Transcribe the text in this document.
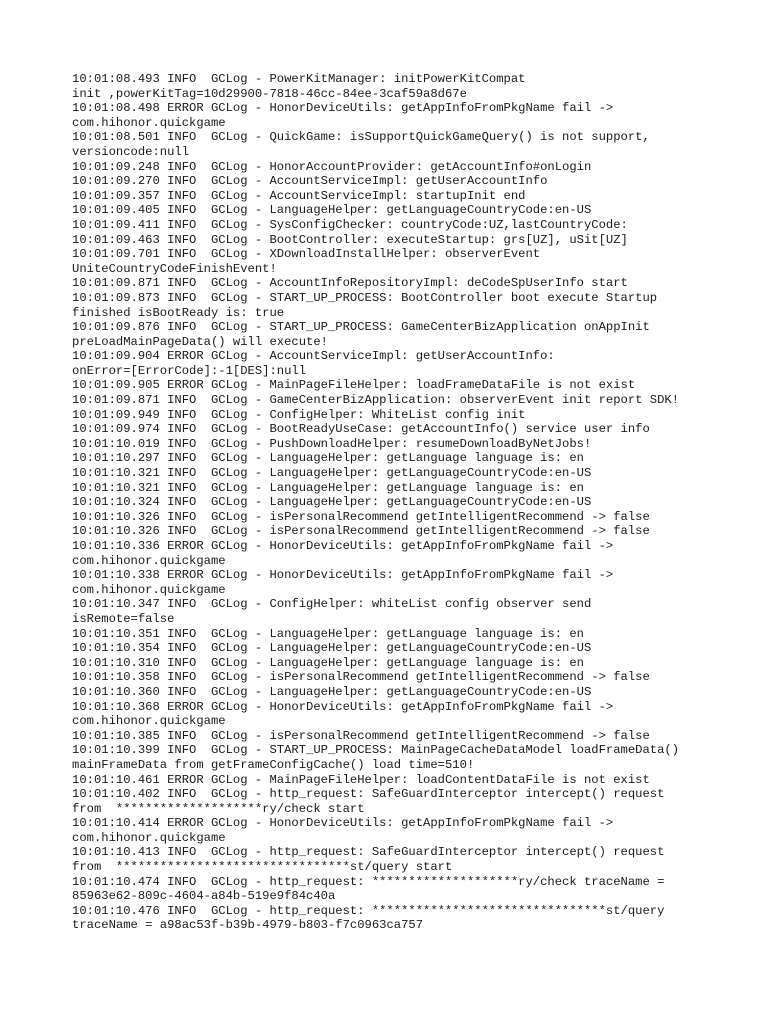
10:01:08.493 INFO  GCLog - PowerKitManager: initPowerKitCompat
init ,powerKitTag=10d29900-7818-46cc-84ee-3caf59a8d67e
10:01:08.498 ERROR GCLog - HonorDeviceUtils: getAppInfoFromPkgName fail ->
com.hihonor.quickgame
10:01:08.501 INFO  GCLog - QuickGame: isSupportQuickGameQuery() is not support,
versioncode:null
10:01:09.248 INFO  GCLog - HonorAccountProvider: getAccountInfo#onLogin
10:01:09.270 INFO  GCLog - AccountServiceImpl: getUserAccountInfo
10:01:09.357 INFO  GCLog - AccountServiceImpl: startupInit end
10:01:09.405 INFO  GCLog - LanguageHelper: getLanguageCountryCode:en-US
10:01:09.411 INFO  GCLog - SysConfigChecker: countryCode:UZ,lastCountryCode:
10:01:09.463 INFO  GCLog - BootController: executeStartup: grs[UZ], uSit[UZ]
10:01:09.701 INFO  GCLog - XDownloadInstallHelper: observerEvent
UniteCountryCodeFinishEvent!
10:01:09.871 INFO  GCLog - AccountInfoRepositoryImpl: deCodeSpUserInfo start
10:01:09.873 INFO  GCLog - START_UP_PROCESS: BootController boot execute Startup
finished isBootReady is: true
10:01:09.876 INFO  GCLog - START_UP_PROCESS: GameCenterBizApplication onAppInit
preLoadMainPageData() will execute!
10:01:09.904 ERROR GCLog - AccountServiceImpl: getUserAccountInfo:
onError=[ErrorCode]:-1[DES]:null
10:01:09.905 ERROR GCLog - MainPageFileHelper: loadFrameDataFile is not exist
10:01:09.871 INFO  GCLog - GameCenterBizApplication: observerEvent init report SDK!
10:01:09.949 INFO  GCLog - ConfigHelper: WhiteList config init
10:01:09.974 INFO  GCLog - BootReadyUseCase: getAccountInfo() service user info
10:01:10.019 INFO  GCLog - PushDownloadHelper: resumeDownloadByNetJobs!
10:01:10.297 INFO  GCLog - LanguageHelper: getLanguage language is: en
10:01:10.321 INFO  GCLog - LanguageHelper: getLanguageCountryCode:en-US
10:01:10.321 INFO  GCLog - LanguageHelper: getLanguage language is: en
10:01:10.324 INFO  GCLog - LanguageHelper: getLanguageCountryCode:en-US
10:01:10.326 INFO  GCLog - isPersonalRecommend getIntelligentRecommend -> false
10:01:10.326 INFO  GCLog - isPersonalRecommend getIntelligentRecommend -> false
10:01:10.336 ERROR GCLog - HonorDeviceUtils: getAppInfoFromPkgName fail ->
com.hihonor.quickgame
10:01:10.338 ERROR GCLog - HonorDeviceUtils: getAppInfoFromPkgName fail ->
com.hihonor.quickgame
10:01:10.347 INFO  GCLog - ConfigHelper: whiteList config observer send
isRemote=false
10:01:10.351 INFO  GCLog - LanguageHelper: getLanguage language is: en
10:01:10.354 INFO  GCLog - LanguageHelper: getLanguageCountryCode:en-US
10:01:10.310 INFO  GCLog - LanguageHelper: getLanguage language is: en
10:01:10.358 INFO  GCLog - isPersonalRecommend getIntelligentRecommend -> false
10:01:10.360 INFO  GCLog - LanguageHelper: getLanguageCountryCode:en-US
10:01:10.368 ERROR GCLog - HonorDeviceUtils: getAppInfoFromPkgName fail ->
com.hihonor.quickgame
10:01:10.385 INFO  GCLog - isPersonalRecommend getIntelligentRecommend -> false
10:01:10.399 INFO  GCLog - START_UP_PROCESS: MainPageCacheDataModel loadFrameData()
mainFrameData from getFrameConfigCache() load time=510!
10:01:10.461 ERROR GCLog - MainPageFileHelper: loadContentDataFile is not exist
10:01:10.402 INFO  GCLog - http_request: SafeGuardInterceptor intercept() request
from  ********************ry/check start
10:01:10.414 ERROR GCLog - HonorDeviceUtils: getAppInfoFromPkgName fail ->
com.hihonor.quickgame
10:01:10.413 INFO  GCLog - http_request: SafeGuardInterceptor intercept() request
from  ********************************st/query start
10:01:10.474 INFO  GCLog - http_request: ********************ry/check traceName =
85963e62-809c-4604-a84b-519e9f84c40a
10:01:10.476 INFO  GCLog - http_request: ********************************st/query
traceName = a98ac53f-b39b-4979-b803-f7c0963ca757
